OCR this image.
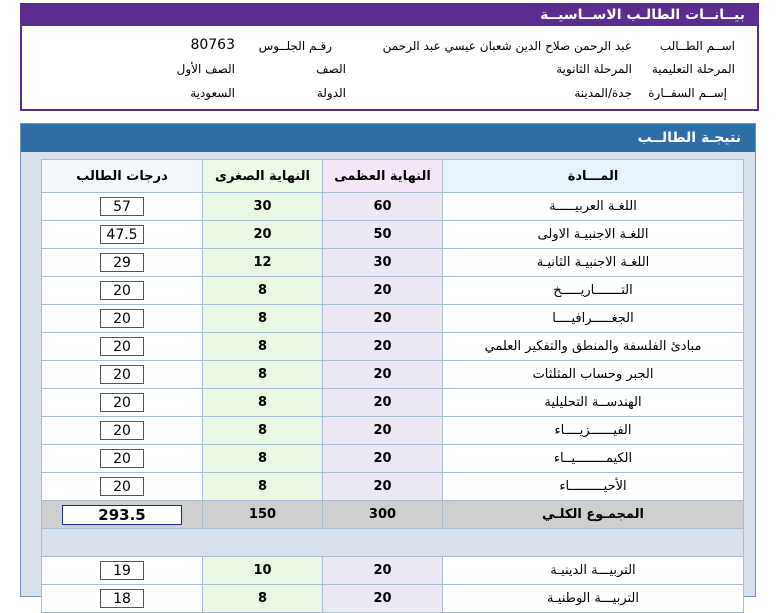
بيــانــات الطالـب الاســاسيــة
اســم الطــالب
عبد الرحمن صلاح الدين شعبان عيسي عبد الرحمن
رقـم الجلــوس
80763
المرحلة التعليمية
المرحلة الثانوية
الصف
الصف الأول
إســم السفــارة
جدة/المدينة
الدولة
السعودية
نتيجـة الطالــب
المـــادة	النهاية العظمى	النهاية الصغرى	درجات الطالب
اللغـة العربيـــــة	60	30	57
اللغـة الاجنبيـة الاولى	50	20	47.5
اللغـة الاجنبيـة الثانيـة	30	12	29
التـــــــاريـــــخ	20	8	20
الجغـــــرافيــــا	20	8	20
مبادئ الفلسفة والمنطق والتفكير العلمي	20	8	20
الجبر وحساب المثلثات	20	8	20
الهندســة التحليلية	20	8	20
الفيــــــزيــــاء	20	8	20
الكيمــــــــيــاء	20	8	20
الأحيـــــــــاء	20	8	20
المجمـوع الكلـي	300	150	293.5

التربيـــة الدينيـة	20	10	19
التربيـــة الوطنيـة	20	8	18
